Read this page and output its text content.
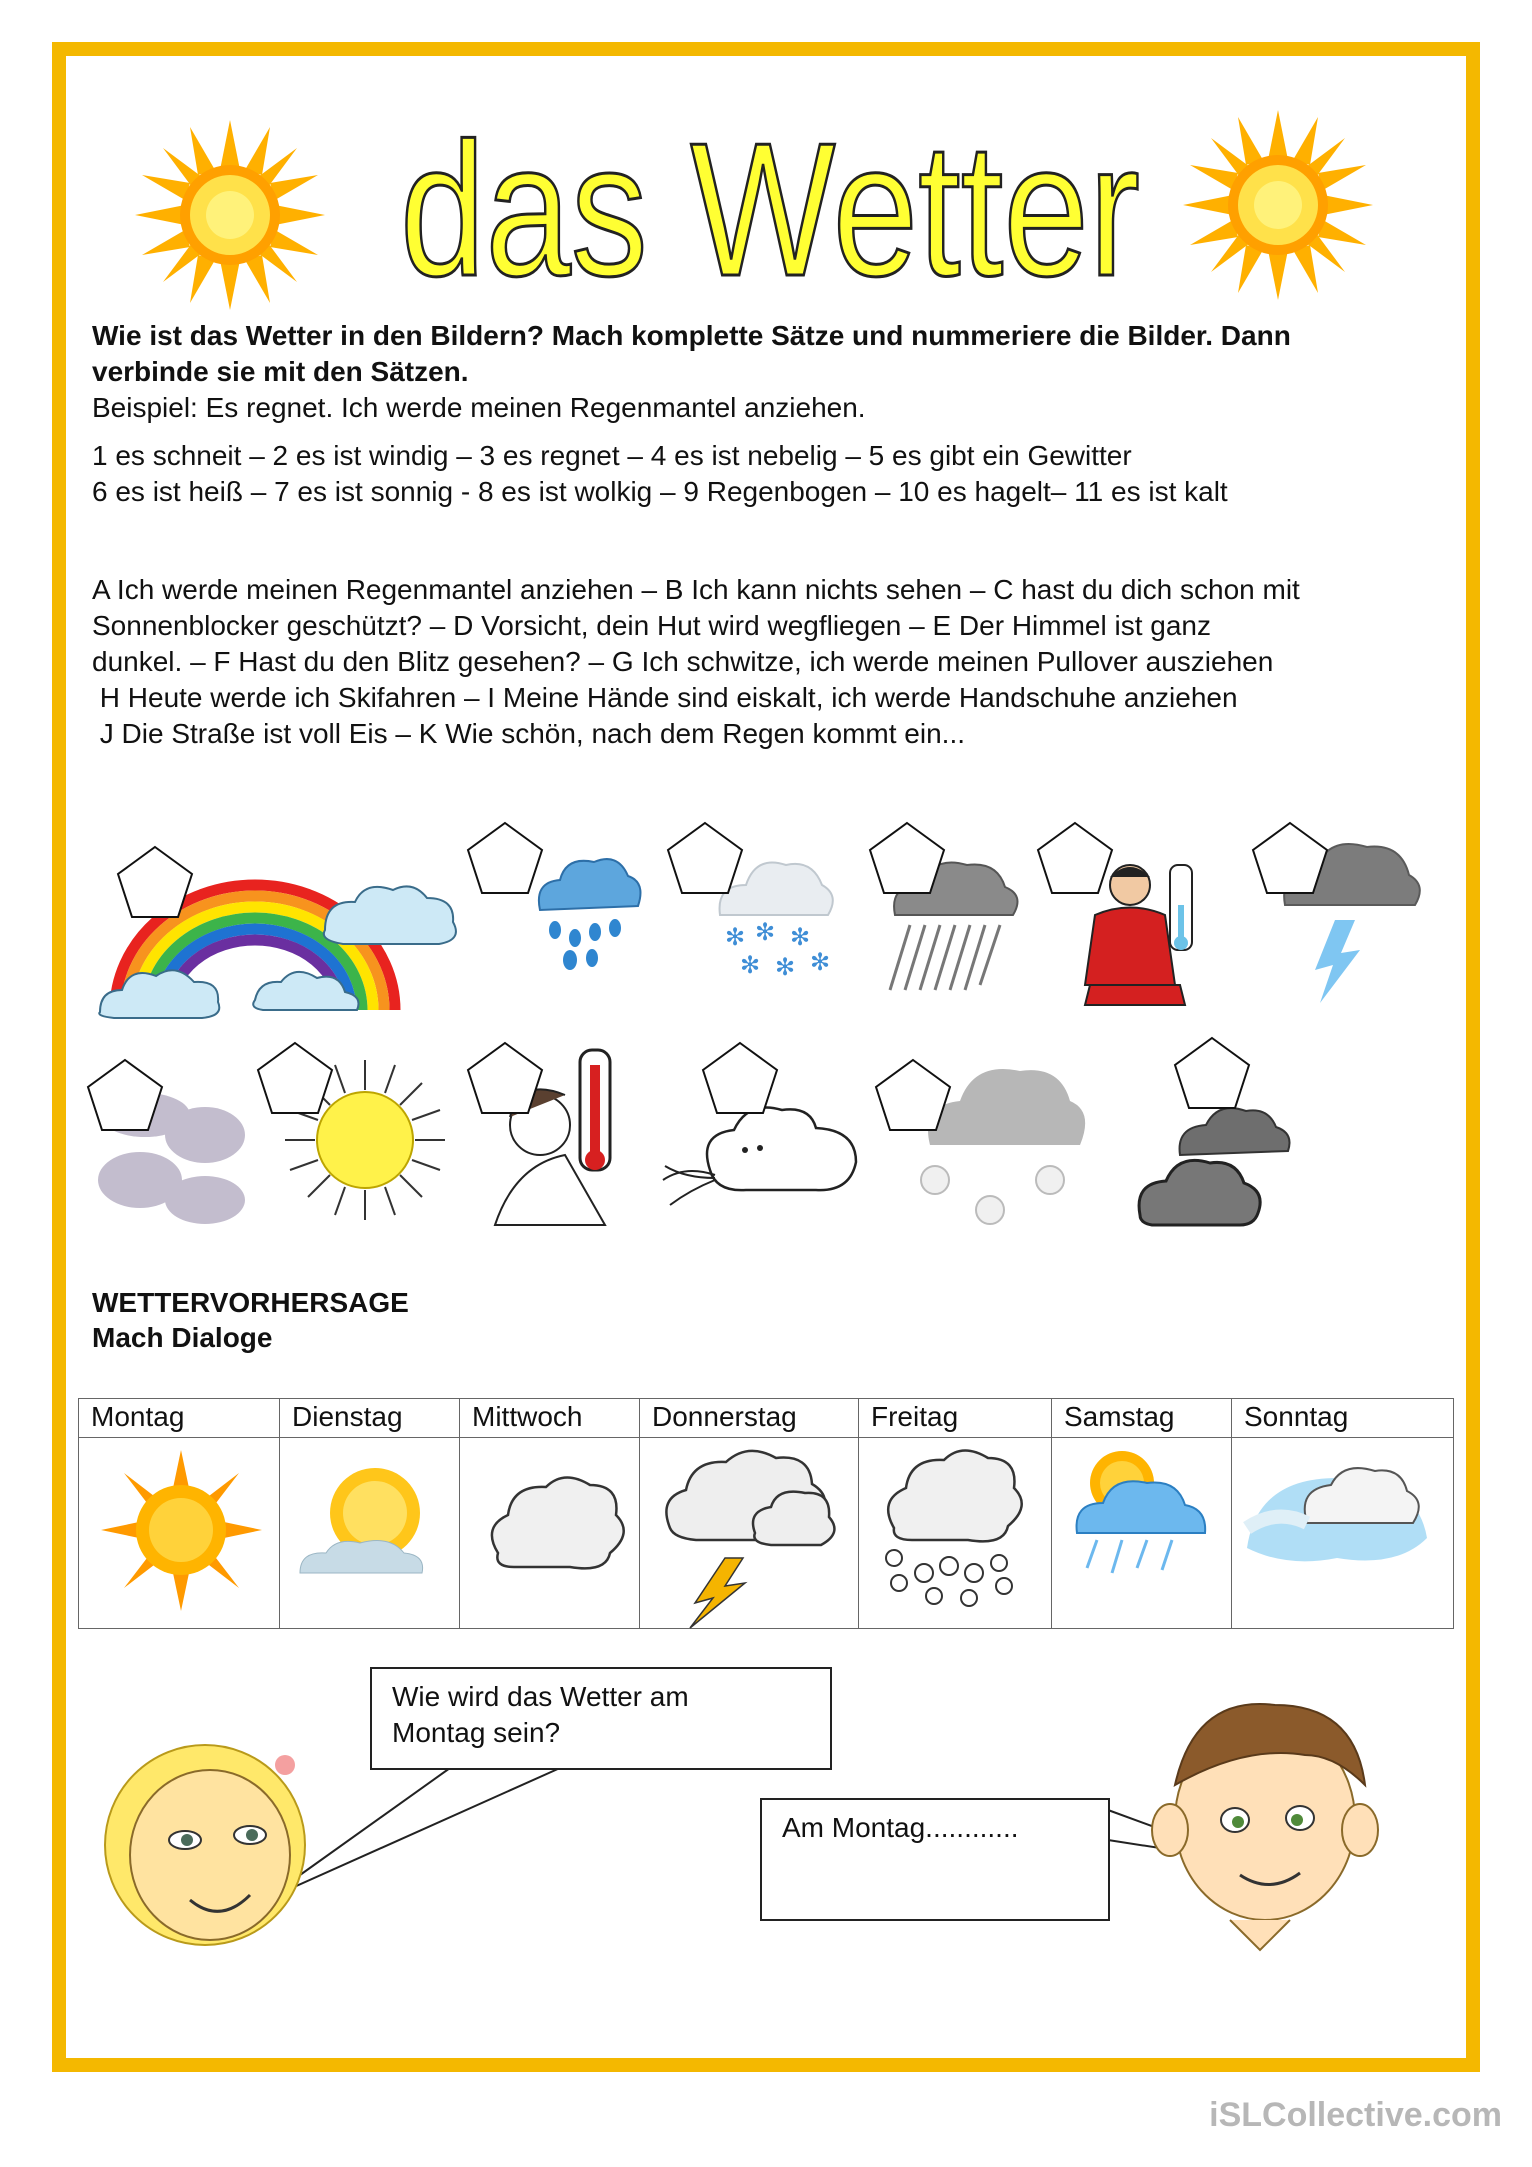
das Wetter
Wie ist das Wetter in den Bildern? Mach komplette Sätze und nummeriere die Bilder. Dann
verbinde sie mit den Sätzen.
Beispiel: Es regnet. Ich werde meinen Regenmantel anziehen.
1 es schneit – 2 es ist windig – 3 es regnet – 4 es ist nebelig – 5 es gibt ein Gewitter
6 es ist heiß – 7 es ist sonnig - 8 es ist wolkig – 9 Regenbogen – 10 es hagelt– 11 es ist kalt
A Ich werde meinen Regenmantel anziehen – B Ich kann nichts sehen – C hast du dich schon mit
Sonnenblocker geschützt? – D Vorsicht, dein Hut wird wegfliegen – E Der Himmel ist ganz
dunkel. – F Hast du den Blitz gesehen? – G Ich schwitze, ich werde meinen Pullover ausziehen
H Heute werde ich Skifahren – I Meine Hände sind eiskalt, ich werde Handschuhe anziehen
J Die Straße ist voll Eis – K Wie schön, nach dem Regen kommt ein...
✻ ✻ ✻
✻ ✻ ✻
WETTERVORHERSAGE
Mach Dialoge
Montag	Dienstag	Mittwoch	Donnerstag	Freitag	Samstag	Sonntag

Wie wird das Wetter am
Montag sein?
Am Montag............
iSLCollective.com
